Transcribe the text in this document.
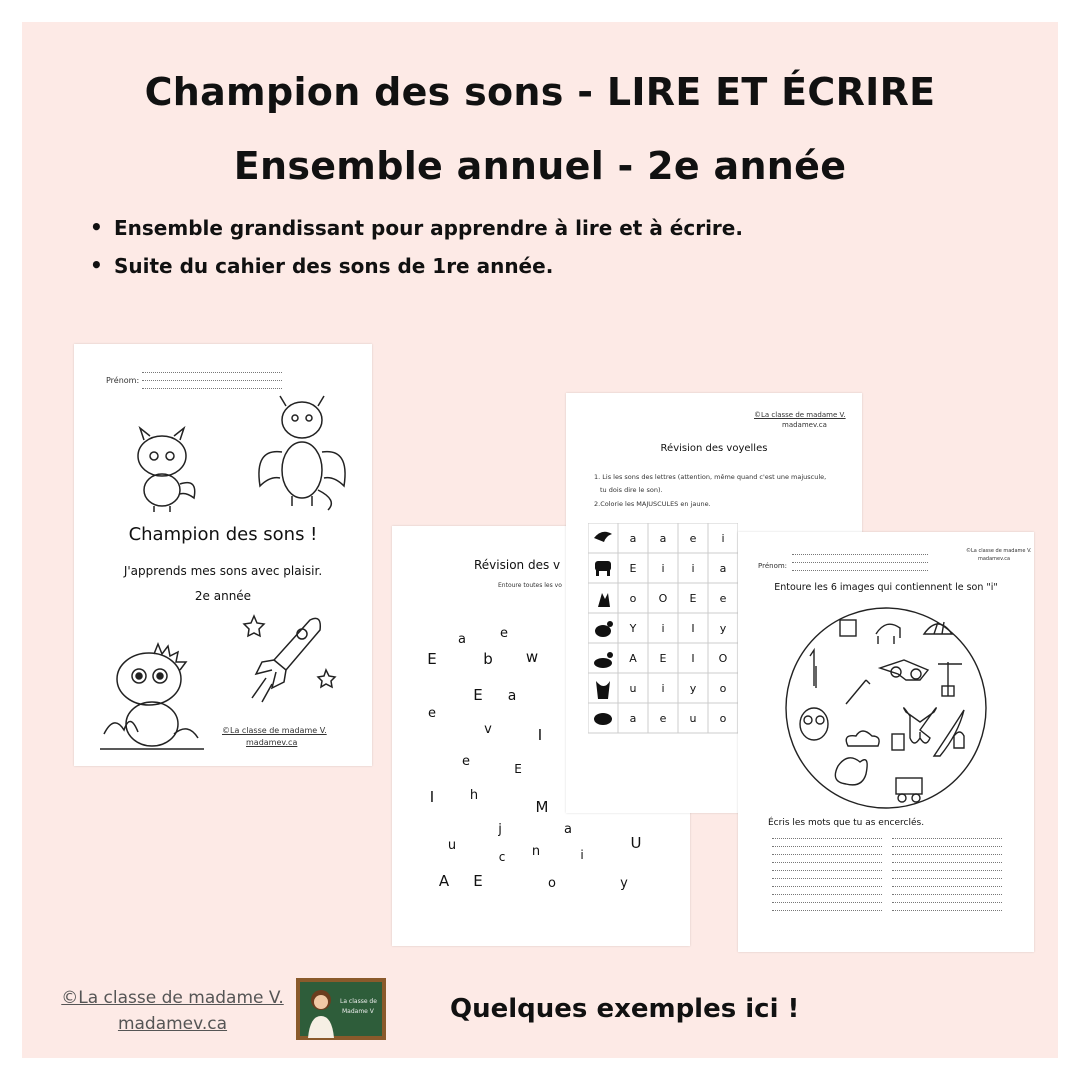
Champion des sons - LIRE ET ÉCRIRE
Ensemble annuel - 2e année
• Ensemble grandissant pour apprendre à lire et à écrire.
• Suite du cahier des sons de 1re année.
Prénom:
Champion des sons !
J'apprends mes sons avec plaisir.
2e année
©La classe de madame V.
madamev.ca
Révision des v
Entoure toutes les vo
a	e
E	b	w
E	a
e
v	I
e	E
I	h
M
j	a
U
u
c	n	i
A	E	o	y
©La classe de madame V.
madamev.ca
Révision des voyelles
1. Lis les sons des lettres (attention, même quand c'est une majuscule,
tu dois dire le son).
2.Colorie les MAJUSCULES en jaune.
a	a	e	i
E	i	i	a
o	O	E	e
Y	i	I	y
A	E	I	O
u	i	y	o
a	e	u	o
©La classe de madame V.
madamev.ca
Prénom:
Entoure les 6 images qui contiennent le son "i"
Écris les mots que tu as encerclés.
©La classe de madame V.
madamev.ca
La classe de
Madame V	Quelques exemples ici !
